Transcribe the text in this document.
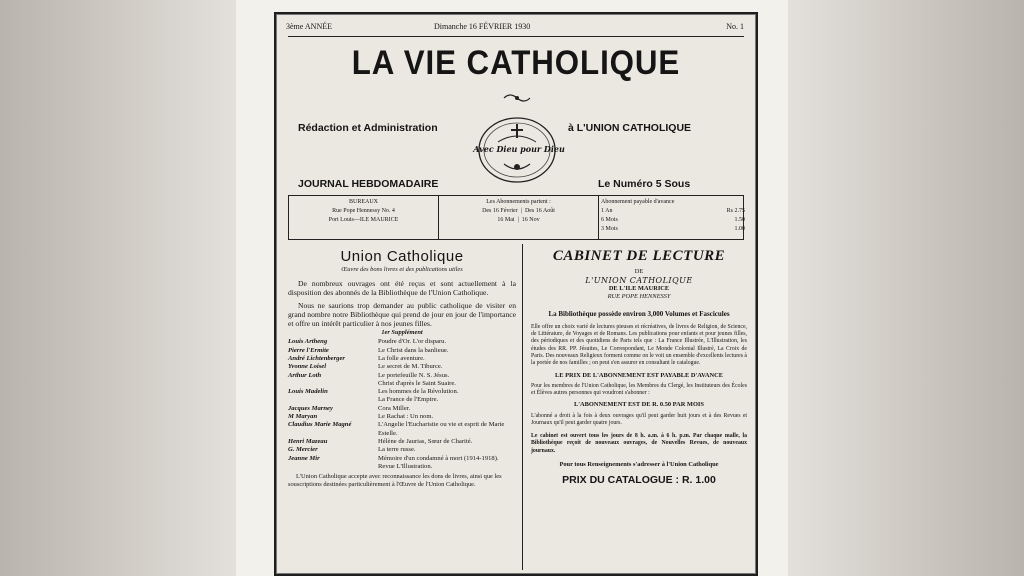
3ème ANNÉE	Dimanche 16 FÉVRIER 1930	No. 1
LA VIE CATHOLIQUE
Rédaction et Administration	à L'UNION CATHOLIQUE
Avec Dieu pour Dieu
JOURNAL HEBDOMADAIRE	Le Numéro 5 Sous
BUREAUX
Rue Pope Hennessy No. 4
Port Louis—ILE MAURICE
Les Abonnements partent :
Des 16 Février  |  Des 16 Août
16 Mai  |  16 Nov
Abonnement payable d'avance
1 An	Rs 2.75
6 Mois	1.50
3 Mois	1.00
Union Catholique
Œuvre des bons livres et des publications utiles
De nombreux ouvrages ont été reçus et sont actuellement à la disposition des abonnés de la Bibliothèque de l'Union Catholique.
Nous ne saurions trop demander au public catholique de visiter en grand nombre notre Bibliothèque qui prend de jour en jour de l'importance et offre un intérêt particulier à nos jeunes filles.
1er Supplément
Louis Artheng	Poudre d'Or. L'or disparu.
Pierre l'Ermite	Le Christ dans la banlieue.
André Lichtenberger	La folle aventure.
Yvonne Loisel	Le secret de M. Tiburce.
Arthur Loth	Le portefeuille N. S. Jésus.
Christ d'après le Saint Suaire.
Louis Madelin	Les hommes de la Révolution.
La France de l'Empire.
Jacques Marney	Cora Miller.
M Maryan	Le Rachat : Un nom.
Claudius Marie Magné	L'Angelie l'Eucharistie ou vie et esprit de Marie Estelle.
Henri Mazeau	Hélène de Jaurias, Sœur de Charité.
G. Mercier	La terre russe.
Jeanne Mir	Mémoire d'un condamné à mort (1914-1918).
Revue L'Illustration.
L'Union Catholique accepte avec reconnaissance les dons de livres, ainsi que les souscriptions destinées particulièrement à l'Œuvre de l'Union Catholique.
CABINET DE LECTURE
DE
L'UNION CATHOLIQUE
DE L'ILE MAURICE
RUE POPE HENNESSY
La Bibliothèque possède environ 3,000 Volumes et Fascicules
Elle offre un choix varié de lectures pieuses et récréatives, de livres de Religion, de Science, de Littérature, de Voyages et de Romans. Les publications pour enfants et pour jeunes filles, des périodiques et des quotidiens de Paris tels que : La France Illustrée, L'Illustration, les études des RR. PP. Jésuites, Le Correspondant, Le Monde Colonial Illustré, La Croix de Paris. Des nouveaux Religieux forment comme on le voit un ensemble d'excellents lectures à la portée de nos familles ; on peut s'en assurer en consultant le catalogue.
LE PRIX DE L'ABONNEMENT EST PAYABLE D'AVANCE
Pour les membres de l'Union Catholique, les Membres du Clergé, les Instituteurs des Écoles et Élèves autres personnes qui voudront s'abonner :
L'ABONNEMENT EST DE R. 0.50 PAR MOIS
L'abonné a droit à la fois à deux ouvrages qu'il peut garder huit jours et à des Revues et Journaux qu'il peut garder quatre jours.
Le cabinet est ouvert tous les jours de 8 h. a.m. à 6 h. p.m. Par chaque malle, la Bibliothèque reçoit de nouveaux ouvrages, de Nouvelles Revues, de nouveaux journaux.
Pour tous Renseignements s'adresser à l'Union Catholique
PRIX DU CATALOGUE : R. 1.00
